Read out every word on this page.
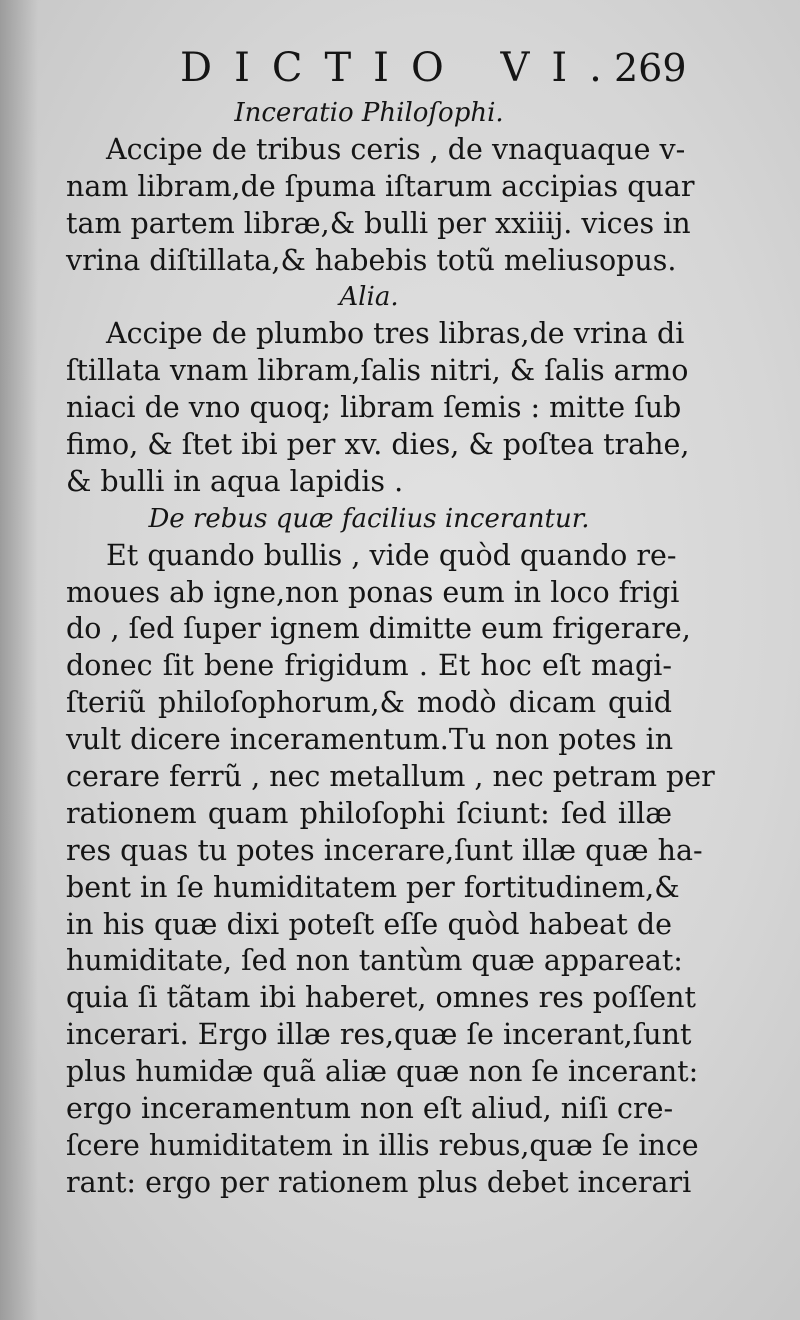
DICTIO VI.
269
Inceratio Philoſophi.
Accipe de tribus ceris , de vnaquaque v-
nam libram,de ſpuma iſtarum accipias quar
tam partem libræ,& bulli per xxiiij. vices in
vrina diſtillata,& habebis totũ meliusopus.
Alia.
Accipe de plumbo tres libras,de vrina di
ſtillata vnam libram,ſalis nitri, & ſalis armo
niaci de vno quoq; libram ſemis : mitte ſub
fimo, & ſtet ibi per xv. dies, & poſtea trahe,
& bulli in aqua lapidis .
De rebus quæ facilius incerantur.
Et quando bullis , vide quòd quando re-
moues ab igne,non ponas eum in loco frigi
do , ſed ſuper ignem dimitte eum frigerare,
donec ſit bene frigidum . Et hoc eſt magi-
ſteriũ philoſophorum,& modò dicam quid
vult dicere inceramentum.Tu non potes in
cerare ferrũ , nec metallum , nec petram per
rationem quam philoſophi ſciunt: ſed illæ
res quas tu potes incerare,ſunt illæ quæ ha-
bent in ſe humiditatem per fortitudinem,&
in his quæ dixi poteſt eſſe quòd habeat de
humiditate, ſed non tantùm quæ appareat:
quia ſi tãtam ibi haberet, omnes res poſſent
incerari. Ergo illæ res,quæ ſe incerant,ſunt
plus humidæ quã aliæ quæ non ſe incerant:
ergo inceramentum non eſt aliud, niſi cre-
ſcere humiditatem in illis rebus,quæ ſe ince
rant: ergo per rationem plus debet incerari
